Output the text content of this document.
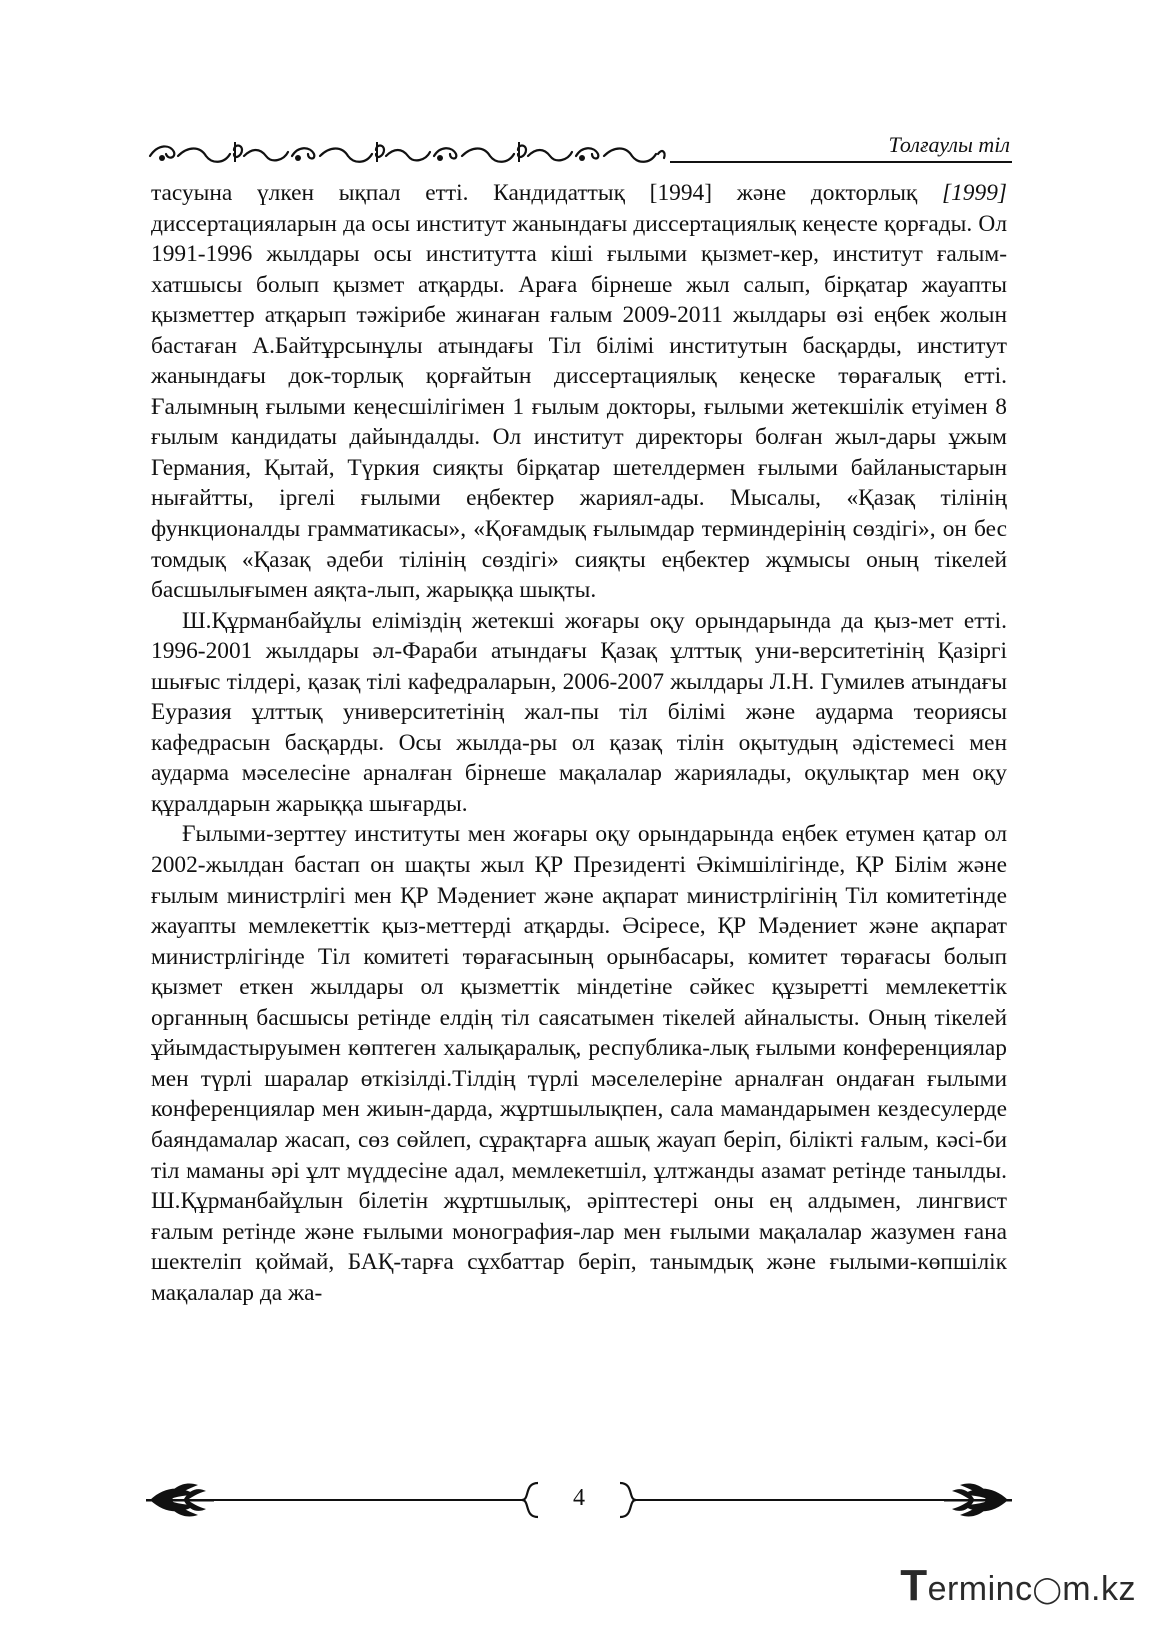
Толғаулы тіл

тасуына үлкен ықпал етті. Кандидаттық [1994] және докторлық [1999] диссертацияларын да осы институт жанындағы диссертациялық кеңесте қорғады. Ол 1991-1996 жылдары осы институтта кіші ғылыми қызмет-кер, институт ғалым-хатшысы болып қызмет атқарды. Араға бірнеше жыл салып, бірқатар жауапты қызметтер атқарып тәжірибе жинаған ғалым 2009-2011 жылдары өзі еңбек жолын бастаған А.Байтұрсынұлы атындағы Тіл білімі институтын басқарды, институт жанындағы док-торлық қорғайтын диссертациялық кеңеске төрағалық етті. Ғалымның ғылыми кеңесшілігімен 1 ғылым докторы, ғылыми жетекшілік етуімен 8 ғылым кандидаты дайындалды. Ол институт директоры болған жыл-дары ұжым Германия, Қытай, Түркия сияқты бірқатар шетелдермен ғылыми байланыстарын нығайтты, іргелі ғылыми еңбектер жариял-ады. Мысалы, «Қазақ тілінің функционалды грамматикасы», «Қоғамдық ғылымдар терминдерінің сөздігі», он бес томдық «Қазақ әдеби тілінің сөздігі» сияқты еңбектер жұмысы оның тікелей басшылығымен аяқта-лып, жарыққа шықты.

Ш.Құрманбайұлы еліміздің жетекші жоғары оқу орындарында да қыз-мет етті. 1996-2001 жылдары әл-Фараби атындағы Қазақ ұлттық уни-верситетінің Қазіргі шығыс тілдері, қазақ тілі кафедраларын, 2006-2007 жылдары Л.Н. Гумилев атындағы Еуразия ұлттық университетінің жал-пы тіл білімі және аударма теориясы кафедрасын басқарды. Осы жылда-ры ол қазақ тілін оқытудың әдістемесі мен аударма мәселесіне арналған бірнеше мақалалар жариялады, оқулықтар мен оқу құралдарын жарыққа шығарды.

Ғылыми-зерттеу институты мен жоғары оқу орындарында еңбек етумен қатар ол 2002-жылдан бастап он шақты жыл ҚР Президенті Әкімшілігінде, ҚР Білім және ғылым министрлігі мен ҚР Мәдениет және ақпарат министрлігінің Тіл комитетінде жауапты мемлекеттік қыз-меттерді атқарды. Әсіресе, ҚР Мәдениет және ақпарат министрлігінде Тіл комитеті төрағасының орынбасары, комитет төрағасы болып қызмет еткен жылдары ол қызметтік міндетіне сәйкес құзыретті мемлекеттік органның басшысы ретінде елдің тіл саясатымен тікелей айналысты. Оның тікелей ұйымдастыруымен көптеген халықаралық, республика-лық ғылыми конференциялар мен түрлі шаралар өткізілді.Тілдің түрлі мәселелеріне арналған ондаған ғылыми конференциялар мен жиын-дарда, жұртшылықпен, сала мамандарымен кездесулерде баяндамалар жасап, сөз сөйлеп, сұрақтарға ашық жауап беріп, білікті ғалым, кәсі-би тіл маманы әрі ұлт мүддесіне адал, мемлекетшіл, ұлтжанды азамат ретінде танылды. Ш.Құрманбайұлын білетін жұртшылық, әріптестері оны ең алдымен, лингвист ғалым ретінде және ғылыми монография-лар мен ғылыми мақалалар жазумен ғана шектеліп қоймай, БАҚ-тарға сұхбаттар беріп, танымдық және ғылыми-көпшілік мақалалар да жа-

4
Terminc◯m.kz
